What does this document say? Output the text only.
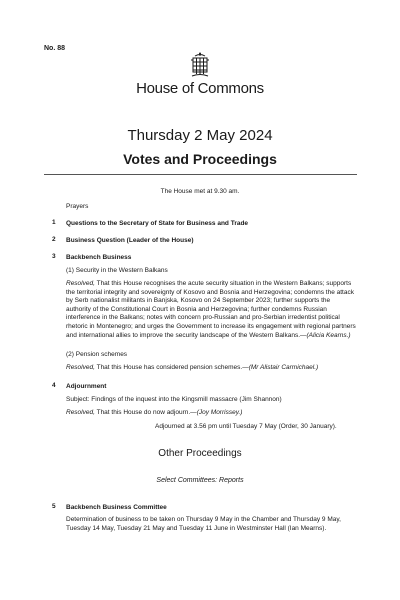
No. 88
House of Commons
Thursday 2 May 2024
Votes and Proceedings
The House met at 9.30 am.
Prayers
1 Questions to the Secretary of State for Business and Trade
2 Business Question (Leader of the House)
3 Backbench Business
(1) Security in the Western Balkans
Resolved, That this House recognises the acute security situation in the Western Balkans; supports the territorial integrity and sovereignty of Kosovo and Bosnia and Herzegovina; condemns the attack by Serb nationalist militants in Banjska, Kosovo on 24 September 2023; further supports the authority of the Constitutional Court in Bosnia and Herzegovina; further condemns Russian interference in the Balkans; notes with concern pro-Russian and pro-Serbian irredentist political rhetoric in Montenegro; and urges the Government to increase its engagement with regional partners and international allies to improve the security landscape of the Western Balkans.—(Alicia Kearns.)
(2) Pension schemes
Resolved, That this House has considered pension schemes.—(Mr Alistair Carmichael.)
4 Adjournment
Subject: Findings of the inquest into the Kingsmill massacre (Jim Shannon)
Resolved, That this House do now adjourn.—(Joy Morrissey.)
Adjourned at 3.56 pm until Tuesday 7 May (Order, 30 January).
Other Proceedings
Select Committees: Reports
5 Backbench Business Committee
Determination of business to be taken on Thursday 9 May in the Chamber and Thursday 9 May, Tuesday 14 May, Tuesday 21 May and Tuesday 11 June in Westminster Hall (Ian Mearns).
